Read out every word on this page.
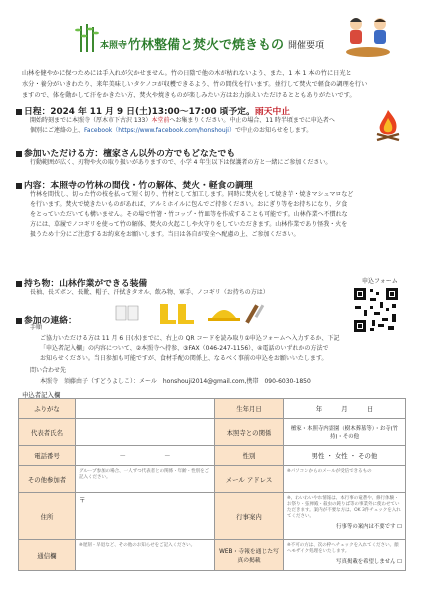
本照寺 竹林整備と焚火で焼きもの 開催要項
山林を健やかに保つためには手入れが欠かせません。竹の日陰で他の木が枯れないよう、また、1 本 1 本の竹に日光と
水分・養分がいきわたり、来年美味しいタケノコが収穫できるよう、竹の間伐を行います。並行して焚火で軽食の調理を行い
ますので、体を動かして汗をかきたい方、焚火や焼きものが楽しみたい方はお力添えいただけるとともありがたいです。
日程：2024 年 11 月 9 日(土)13:00～17:00 頃予定。雨天中止
開始時刻までに本照寺（厚木市下古沢 133）本堂前へお集まりください。中止の場合、11 時半頃までに申込者へ
個別にご連絡の上、Facebook（https://www.facebook.com/honshouji）で中止のお知らせをします。
参加いただける方：檀家さん以外の方でもどなたでも
行動範囲が広く、刃物や火の取り扱いがありますので、小学 4 年生以下は保護者の方と一緒にご参加ください。
内容：本照寺の竹林の間伐・竹の解体、焚火・軽食の調理
竹林を間伐し、切った竹の枝を払って短く切り、竹材として加工します。同時に焚火をして焼き芋・焼きマシュマロなど
を行います。焚火で焼きたいものがあれば、アルミホイルに包んでご持参ください。おにぎり等をお持ちになり、夕食
をとっていただいても構いません。その場で竹箸・竹コップ・竹皿等を作成することも可能です。山林作業へ不慣れな
方には、草履でノコギリを使って竹の解体、焚火の火起こしや火守りをしていただきます。山林作業であり怪我・火を
扱うため十分にご注意するお約束をお願いします。当日は各自が安全へ配慮の上、ご参加ください。
持ち物：山林作業ができる装備
長袖、長ズボン、長靴、帽子、汗拭きタオル、飲み物、軍手、ノコギリ（お持ちの方は）
申込フォーム
参加の連絡：
手順
ご協力いただける方は 11 月 6 日(水)までに、右上の QR コードを読み取り①申込フォームへ入力するか、下記
「申込者記入欄」の内容について、②本照寺へ持参、③FAX（046-247-1156）、④電話のいずれかの方法で
お知らせください。当日参加も可能ですが、食材手配の関係上、なるべく事前の申込をお願いいたします。
問い合わせ先
本照寺　須藤由子（すどうよしこ）：メール　honshouji2014@gmail.com,携帯　090-6030-1850
申込者記入欄
ふりがな		生年月日	年　　　月　　　日
代表者氏名		本照寺との関係	檀家・本照寺内霊園（樹木葬墓等）・お寺(竹持)・その他
電話番号	－　　　　　　－	性別	男性 ・ 女性 ・ その他
その他参加者	グループ参加の場合、一人ずつ代表者との関係・年齢・性別をご記入ください。	メール アドレス	※パソコンからのメールが受信できるもの
住所	〒	行事案内	※、わいわいやれ情報は、本行事の竜蒼や、修行体験・お祭り・弦禅殿・殺虫の鈍りば等の事業外に使わせていただきます。案内が不要な方は、OK 3件チェックを入れてください。
行事等の案内は不要です ☐

通信欄	※遅刻・早退など、その他のお知らせをご記入ください。	WEB・寺報を通じた写真の掲載	※不可の方は、次の枠へチェックを入れてください。顔へモザイク処理をいたします。
写真掲載を希望しません ☐
